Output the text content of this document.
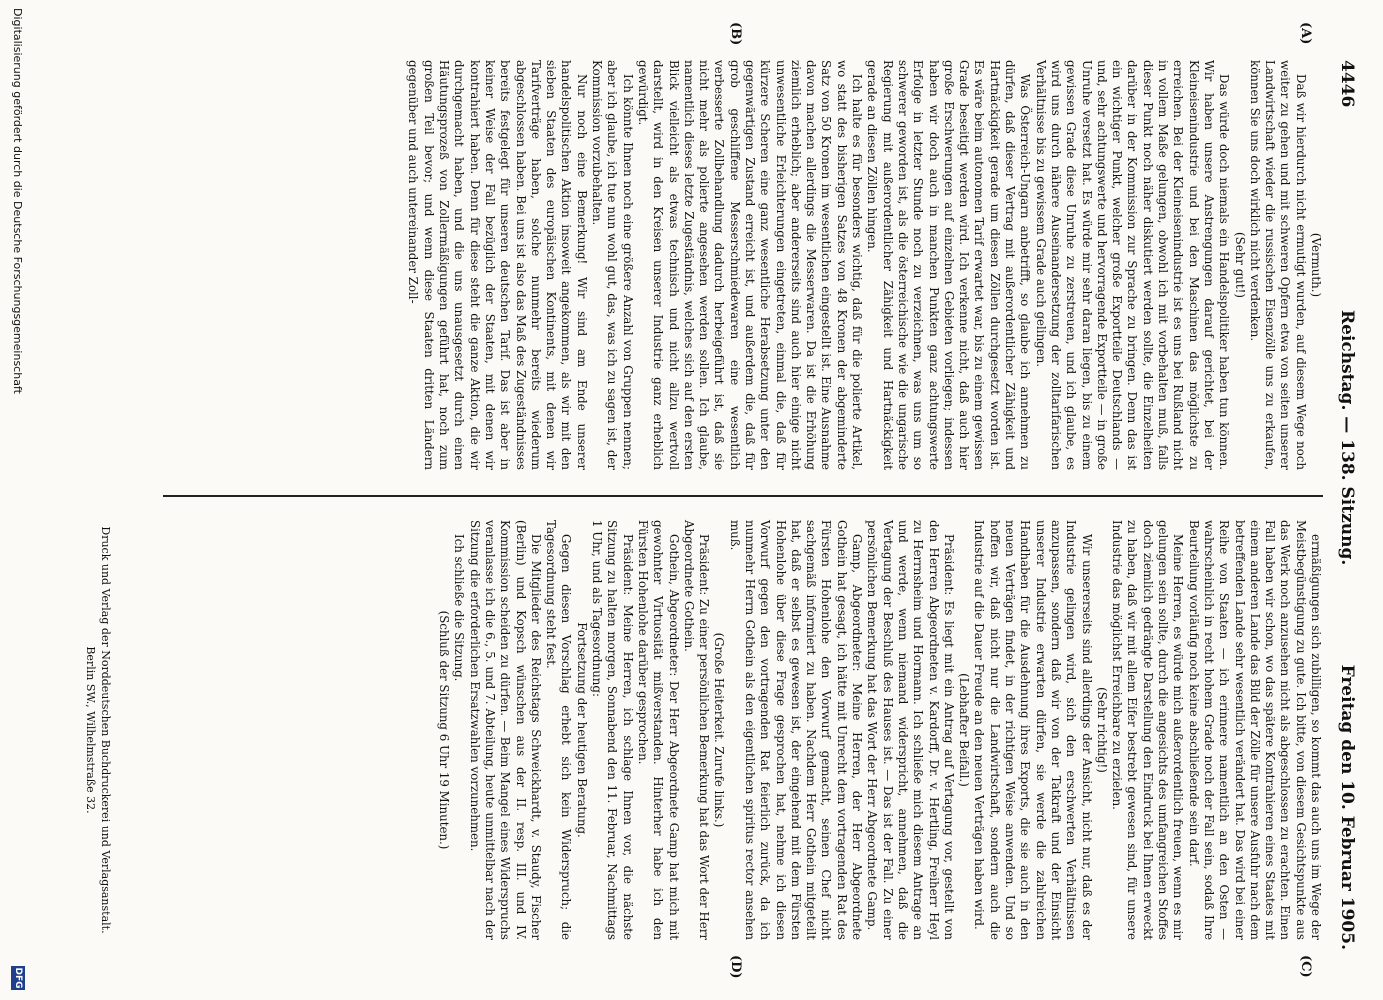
4446
Reichstag. — 138. Sitzung.
Freitag den 10. Februar 1905.
(A)
(B)
(C)
(D)

(Vermuth.)

Daß wir hierdurch nicht ermutigt wurden, auf diesem Wege noch weiter zu gehen und mit schweren Opfern etwa von seiten unserer Landwirtschaft wieder die russischen Eisenzölle uns zu erkaufen, können Sie uns doch wirklich nicht verdenken.

(Sehr gut!)

Das würde doch niemals ein Handelspolitiker haben tun können. Wir haben unsere Anstrengungen darauf gerichtet, bei der Kleineisenindustrie und bei den Maschinen das möglichste zu erreichen. Bei der Kleineisenindustrie ist es uns bei Rußland nicht in vollem Maße gelungen, obwohl ich mit vorbehalten muß, falls dieser Punkt noch näher diskutiert werden sollte, die Einzelheiten darüber in der Kommission zur Sprache zu bringen. Denn das ist ein wichtiger Punkt, welcher große Exportteile Deutschlands — und, sehr achtungswerte und hervorragende Exportteile — in große Unruhe versetzt hat. Es würde mir sehr daran liegen, bis zu einem gewissen Grade diese Unruhe zu zerstreuen, und ich glaube, es wird uns durch nähere Auseinandersetzung der zolltarifarischen Verhältnisse bis zu gewissem Grade auch gelingen.

Was Österreich-Ungarn anbetrifft, so glaube ich annehmen zu dürfen, daß dieser Vertrag mit außerordentlicher Zähigkeit und Hartnäckigkeit gerade um diesen Zöllen durchgesetzt worden ist. Es wäre beim autonomen Tarif erwartet war, bis zu einem gewissen Grade beseitigt werden wird. Ich verkenne nicht, daß auch hier große Erschwerungen auf einzelnen Gebieten vorliegen; indessen haben wir doch auch in manchen Punkten ganz achtungswerte Erfolge in letzter Stunde noch zu verzeichnen, was uns um so schwerer geworden ist, als die österreichische wie die ungarische Regierung mit außerordentlicher Zähigkeit und Hartnäckigkeit gerade an diesen Zöllen hingen.

Ich halte es für besonders wichtig, daß für die polierte Artikel, wo statt des bisherigen Satzes von 48 Kronen der abgeminderte Satz von 50 Kronen im wesentlichen eingestellt ist. Eine Ausnahme davon machen allerdings die Messerwaren. Da ist die Erhöhung ziemlich erheblich; aber andererseits sind auch hier einige nicht unwesentliche Erleichterungen eingetreten, einmal die, daß für kürzere Scheren eine ganz wesentliche Herabsetzung unter den gegenwärtigen Zustand erreicht ist, und außerdem die, daß für grob geschliffene Messerschmiedewaren eine wesentlich verbesserte Zollbehandlung dadurch herbeigeführt ist, daß sie nicht mehr als polierte angesehen werden sollen. Ich glaube, namentlich dieses letzte Zugeständnis, welches sich auf den ersten Blick vielleicht als etwas technisch und nicht allzu wertvoll darstellt, wird in den Kreisen unserer Industrie ganz erheblich gewürdigt.

Ich könnte Ihnen noch eine größere Anzahl von Gruppen nennen; aber ich glaube, ich tue nun wohl gut, das, was ich zu sagen ist, der Kommission vorzubehalten.

Nur noch eine Bemerkung! Wir sind am Ende unserer handelspolitischen Aktion insoweit angekommen, als wir mit den sieben Staaten des europäischen Kontinents, mit denen wir Tarifverträge haben, solche nunmehr bereits wiederum abgeschlossen haben. Bei uns ist also das Maß des Zugeständnisses bereits festgelegt für unseren deutschen Tarif. Das ist aber in keiner Weise der Fall bezüglich der Staaten, mit denen wir kontrahiert haben. Denn für diese steht die ganze Aktion, die wir durchgemacht haben, und die uns unausgesetzt durch einen Häutungsprozeß von Zollermäßigungen geführt hat, noch zum großen Teil bevor; und wenn diese Staaten dritten Ländern gegenüber und auch untereinander Zoll-

ermäßigungen sich zubilligen, so kommt das auch uns im Wege der Meistbegünstigung zu gute. Ich bitte, von diesem Gesichtspunkte aus das Werk noch anzusehen nicht als abgeschlossen zu erachten. Einen Fall haben wir schon, wo das spätere Kontrahieren eines Staates mit einem anderen Lande das Bild der Zölle für unsere Ausfuhr nach dem betreffenden Lande sehr wesentlich verändert hat. Das wird bei einer Reihe von Staaten — ich erinnere namentlich an den Osten — wahrscheinlich in recht hohem Grade noch der Fall sein, sodaß Ihre Beurteilung vorläufig noch keine abschließende sein darf.

Meine Herren, es würde mich außerordentlich freuen, wenn es mir gelungen sein sollte, durch die angesichts des umfangreichen Stoffes doch ziemlich gedrängte Darstellung den Eindruck bei Ihnen erweckt zu haben, daß wir mit allem Eifer bestrebt gewesen sind, für unsere Industrie das möglichst Erreichbare zu erzielen.

(Sehr richtig!)

Wir unsererseits sind allerdings der Ansicht, nicht nur, daß es der Industrie gelingen wird, sich den erschwerten Verhältnissen anzupassen, sondern daß wir von der Tatkraft und der Einsicht unserer Industrie erwarten dürfen, sie werde die zahlreichen Handhaben für die Ausdehnung ihres Exports, die sie auch in den neuen Verträgen findet, in der richtigen Weise anwenden. Und so hoffen wir, daß nicht nur die Landwirtschaft, sondern auch die Industrie auf die Dauer Freude an den neuen Verträgen haben wird.

(Lebhafter Beifall.)

Präsident: Es liegt mit ein Antrag auf Vertagung vor, gestellt von den Herren Abgeordneten v. Kardorff, Dr. v. Hertling, Freiherr Heyl zu Herrnsheim und Hormann. Ich schließe mich diesem Antrage an und werde, wenn niemand widerspricht, annehmen, daß die Vertagung der Beschluß des Hauses ist. — Das ist der Fall. Zu einer persönlichen Bemerkung hat das Wort der Herr Abgeordnete Gamp.

Gamp, Abgeordneter: Meine Herren, der Herr Abgeordnete Gothein hat gesagt, ich hätte mit Unrecht dem vortragenden Rat des Fürsten Hohenlohe den Vorwurf gemacht, seinen Chef nicht sachgemäß informiert zu haben. Nachdem Herr Gothein mitgeteilt hat, daß er selbst es gewesen ist, der eingehend mit dem Fürsten Hohenlohe über diese Frage gesprochen hat, nehme ich diesen Vorwurf gegen den vortragenden Rat feierlich zurück, da ich nunmehr Herrn Gothein als den eigentlichen spiritus rector ansehen muß.

(Große Heiterkeit. Zurufe links.)

Präsident: Zu einer persönlichen Bemerkung hat das Wort der Herr Abgeordnete Gothein.

Gothein, Abgeordneter: Der Herr Abgeordnete Gamp hat mich mit gewohnter Virtuosität mißverstanden. Hinterher habe ich den Fürsten Hohenlohe darüber gesprochen.

Präsident: Meine Herren, ich schlage Ihnen vor, die nächste Sitzung zu halten morgen, Sonnabend den 11. Februar, Nachmittags 1 Uhr, und als Tagesordnung:

Fortsetzung der heutigen Beratung.

Gegen diesen Vorschlag erhebt sich kein Widerspruch; die Tagesordnung steht fest.

Die Mitglieder des Reichstags Schweickhardt, v. Staudy, Fischer (Berlin) und Kopsch wünschen aus der II. resp. III. und IV. Kommission scheiden zu dürfen. — Beim Mangel eines Widerspruchs veranlasse ich die 6., 5. und 7. Abteilung, heute unmittelbar nach der Sitzung die erforderlichen Ersatzwahlen vorzunehmen.

Ich schließe die Sitzung.

(Schluß der Sitzung 6 Uhr 19 Minuten.)

Druck und Verlag der Norddeutschen Buchdruckerei und Verlagsanstalt.
Berlin SW., Wilhelmstraße 32.
Digitalisierung gefördert durch die Deutsche Forschungsgemeinschaft
DFG
